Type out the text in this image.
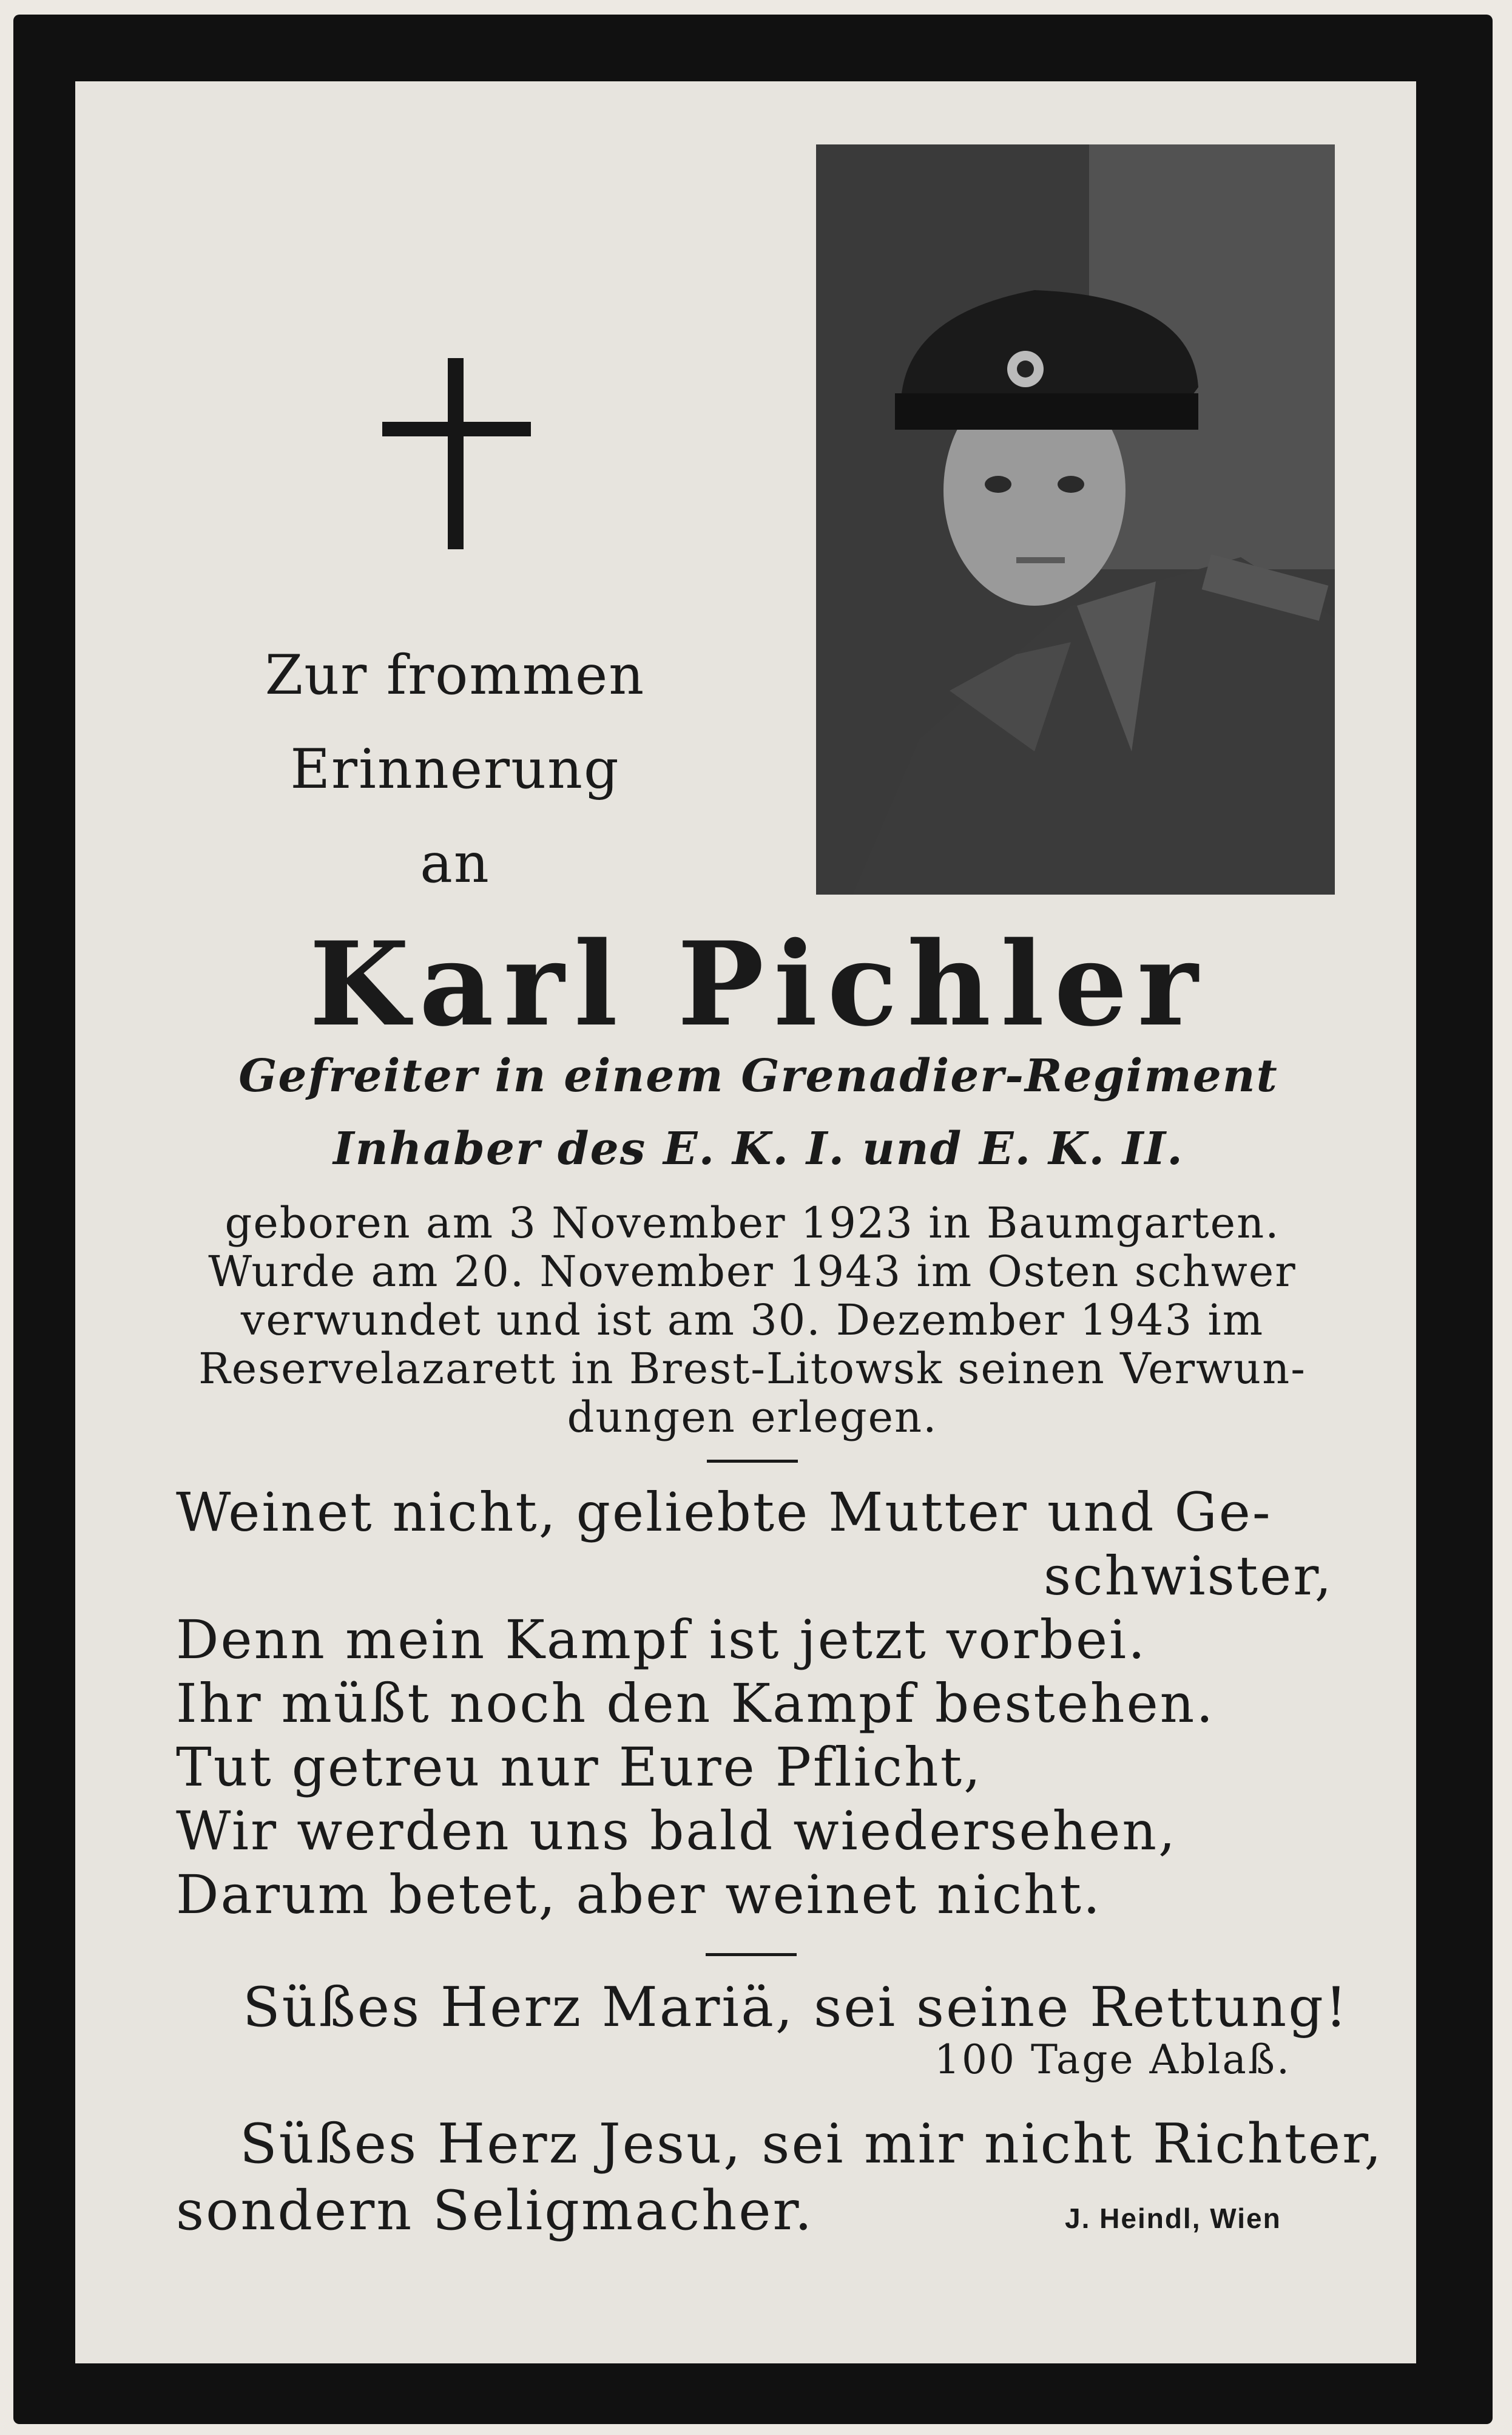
Zur frommen
Erinnerung
an
Karl Pichler
Gefreiter in einem Grenadier-Regiment
Inhaber des E. K. I. und E. K. II.
geboren am 3 November 1923 in Baumgarten.
Wurde am 20. November 1943 im Osten schwer
verwundet und ist am 30. Dezember 1943 im
Reservelazarett in Brest-Litowsk seinen Verwun-
dungen erlegen.
Weinet nicht, geliebte Mutter und Ge-
schwister,
Denn mein Kampf ist jetzt vorbei.
Ihr müßt noch den Kampf bestehen.
Tut getreu nur Eure Pflicht,
Wir werden uns bald wiedersehen,
Darum betet, aber weinet nicht.
Süßes Herz Mariä, sei seine Rettung!
100 Tage Ablaß.
Süßes Herz Jesu, sei mir nicht Richter,
sondern Seligmacher.	J. Heindl, Wien
